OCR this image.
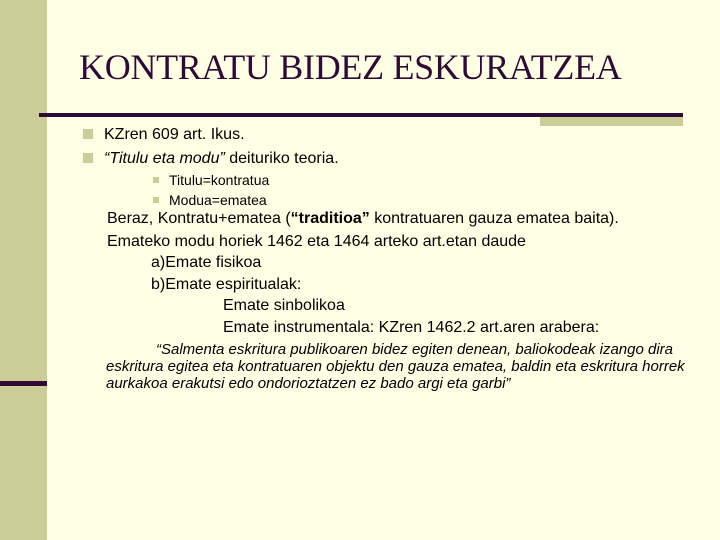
KONTRATU BIDEZ ESKURATZEA
KZren 609 art. Ikus.
“Titulu eta modu” deituriko teoria.
Titulu=kontratua
Modua=ematea
Beraz, Kontratu+ematea (“traditioa” kontratuaren gauza ematea baita).
Emateko modu horiek 1462 eta 1464 arteko art.etan daude
a)Emate fisikoa
b)Emate espiritualak:
Emate sinbolikoa
Emate instrumentala: KZren 1462.2 art.aren arabera:
“Salmenta eskritura publikoaren bidez egiten denean, baliokodeak izango dira eskritura egitea eta kontratuaren objektu den gauza ematea, baldin eta eskritura horrek aurkakoa erakutsi edo ondorioztatzen ez bado argi eta garbi”
